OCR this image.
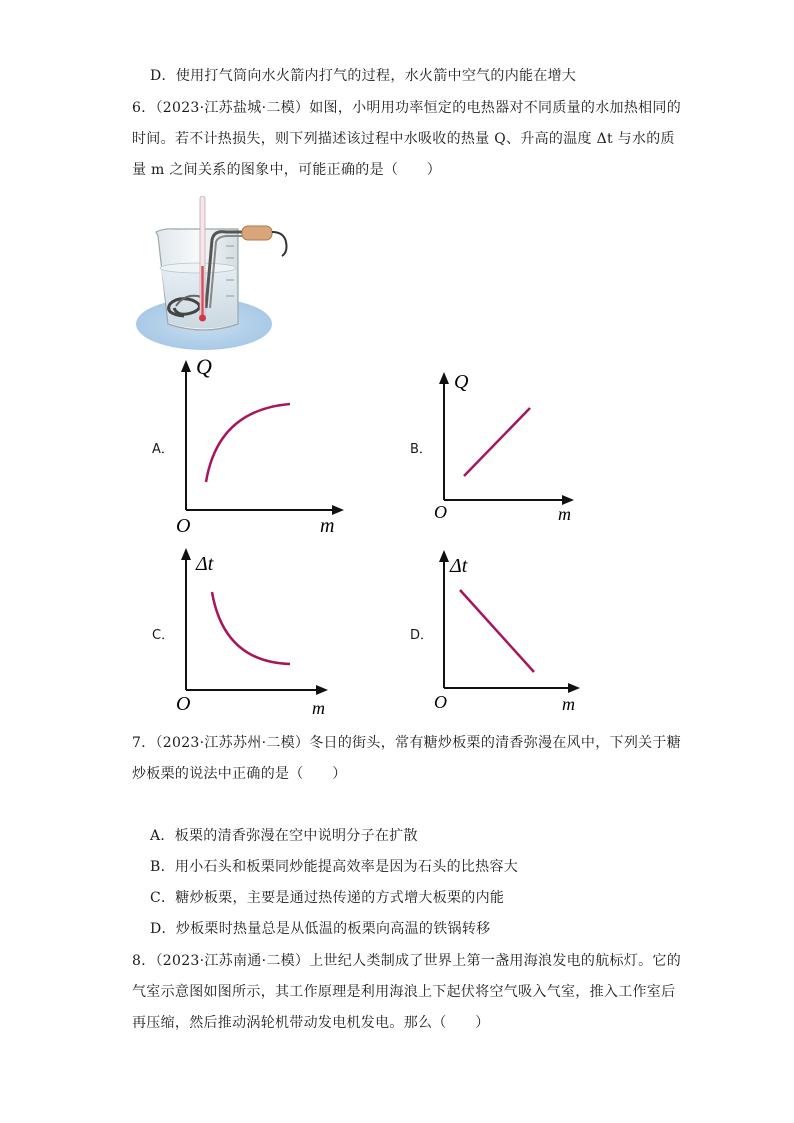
D．使用打气筒向水火箭内打气的过程，水火箭中空气的内能在增大
6．（2023·江苏盐城·二模）如图，小明用功率恒定的电热器对不同质量的水加热相同的
时间。若不计热损失，则下列描述该过程中水吸收的热量 Q、升高的温度 Δt 与水的质
量 m 之间关系的图象中，可能正确的是（　　）
A．	B．
C．	D．
Q
O	m
Q
O	m
Δt
O	m
Δt
O	m
7．（2023·江苏苏州·二模）冬日的街头，常有糖炒板栗的清香弥漫在风中，下列关于糖
炒板栗的说法中正确的是（　　）
A．板栗的清香弥漫在空中说明分子在扩散
B．用小石头和板栗同炒能提高效率是因为石头的比热容大
C．糖炒板栗，主要是通过热传递的方式增大板栗的内能
D．炒板栗时热量总是从低温的板栗向高温的铁锅转移
8．（2023·江苏南通·二模）上世纪人类制成了世界上第一盏用海浪发电的航标灯。它的
气室示意图如图所示，其工作原理是利用海浪上下起伏将空气吸入气室，推入工作室后
再压缩，然后推动涡轮机带动发电机发电。那么（　　）
